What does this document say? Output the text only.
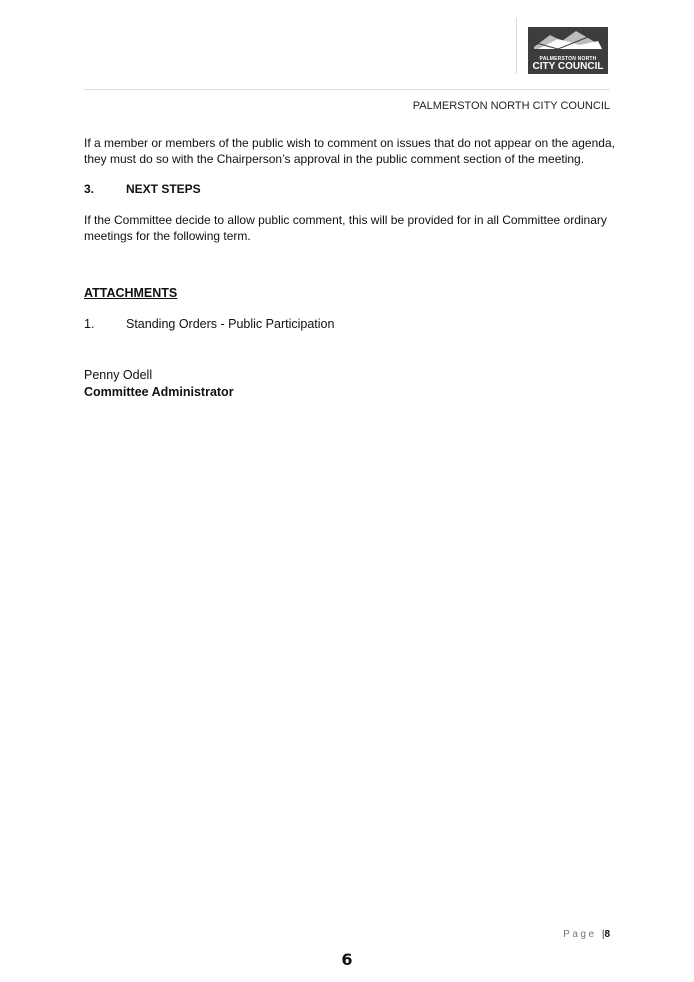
PALMERSTON NORTH
CITY COUNCIL
PALMERSTON NORTH CITY COUNCIL
If a member or members of the public wish to comment on issues that do not appear on the agenda, they must do so with the Chairperson’s approval in the public comment section of the meeting.
3.	NEXT STEPS
If the Committee decide to allow public comment, this will be provided for in all Committee ordinary meetings for the following term.
ATTACHMENTS
1.	Standing Orders - Public Participation
Penny Odell
Committee Administrator
Page |8
6
